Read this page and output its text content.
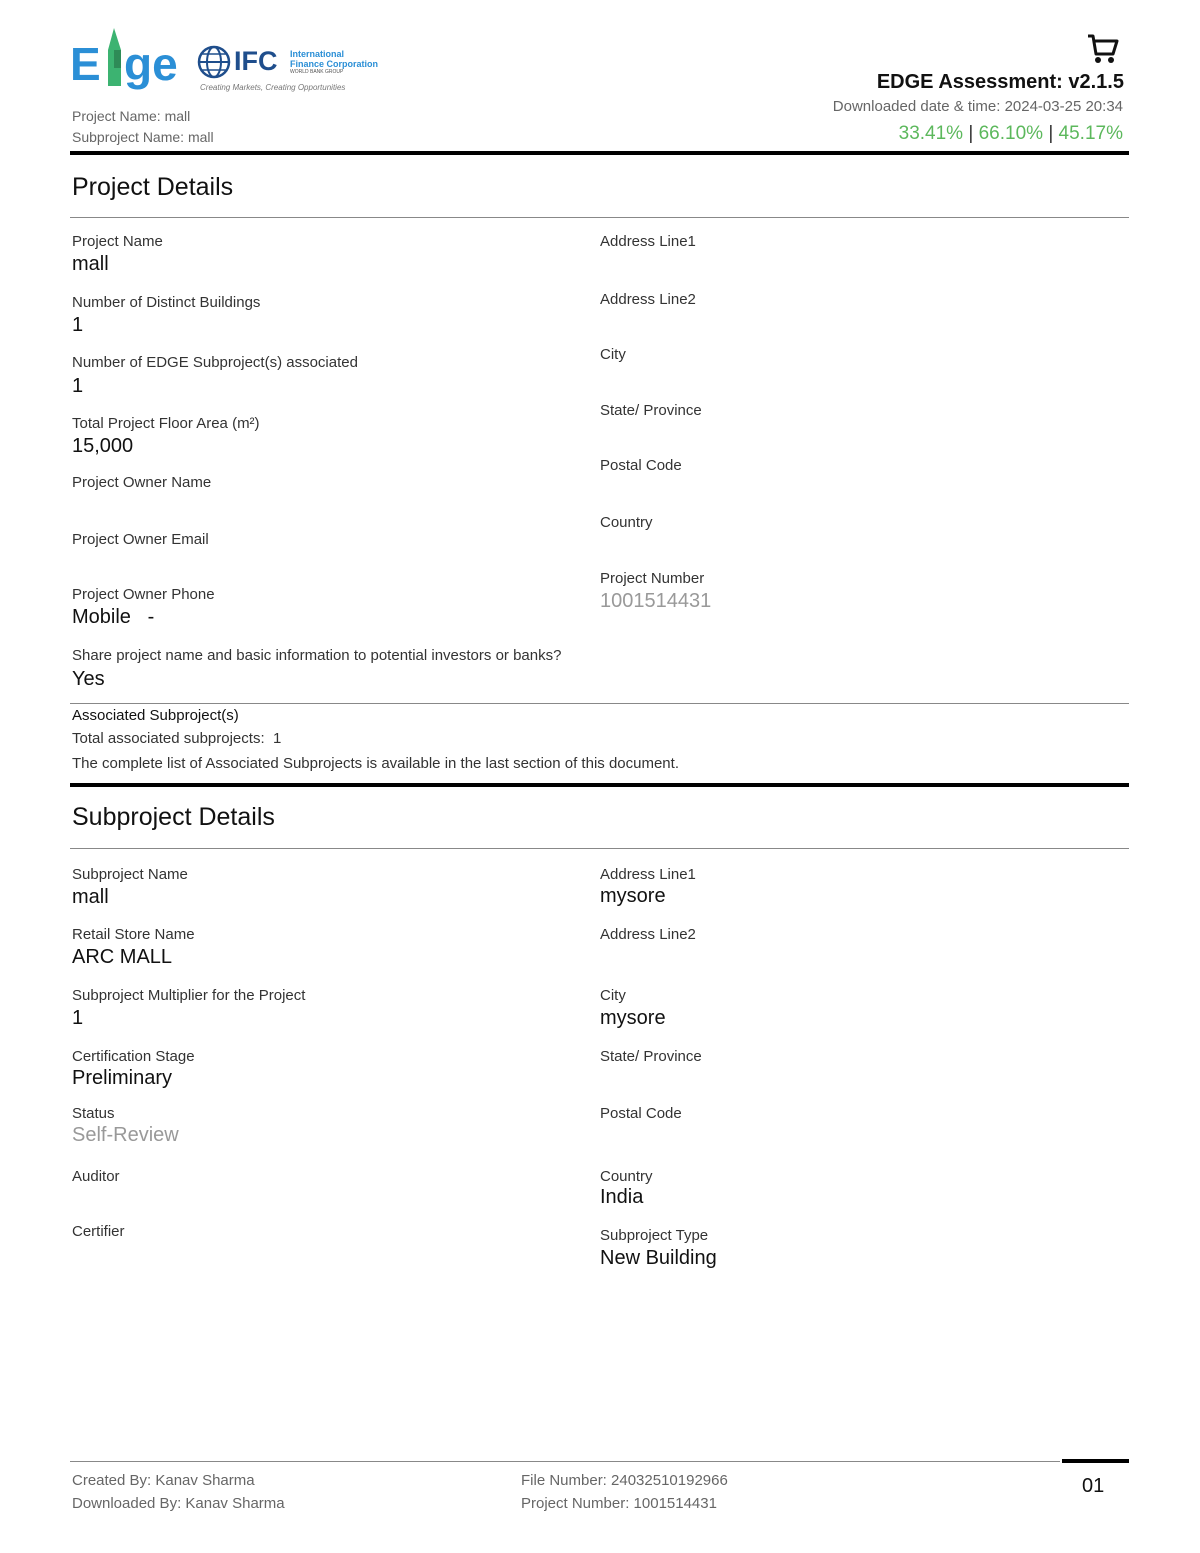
E ge IFC International
Finance Corporation
WORLD BANK GROUP
Creating Markets, Creating Opportunities
Project Name: mall
Subproject Name: mall
EDGE Assessment: v2.1.5
Downloaded date & time: 2024-03-25 20:34
33.41% | 66.10% | 45.17%
Project Details
Project Name
mall
Number of Distinct Buildings
1
Number of EDGE Subproject(s) associated
1
Total Project Floor Area (m²)
15,000
Project Owner Name
Project Owner Email
Project Owner Phone
Mobile   -
Share project name and basic information to potential investors or banks?
Yes
Address Line1
Address Line2
City
State/ Province
Postal Code
Country
Project Number
1001514431
Associated Subproject(s)
Total associated subprojects:  1
The complete list of Associated Subprojects is available in the last section of this document.
Subproject Details
Subproject Name
mall
Retail Store Name
ARC MALL
Subproject Multiplier for the Project
1
Certification Stage
Preliminary
Status
Self-Review
Auditor
Certifier
Address Line1
mysore
Address Line2
City
mysore
State/ Province
Postal Code
Country
India
Subproject Type
New Building
Created By: Kanav Sharma
Downloaded By: Kanav Sharma
File Number: 24032510192966
Project Number: 1001514431
01
